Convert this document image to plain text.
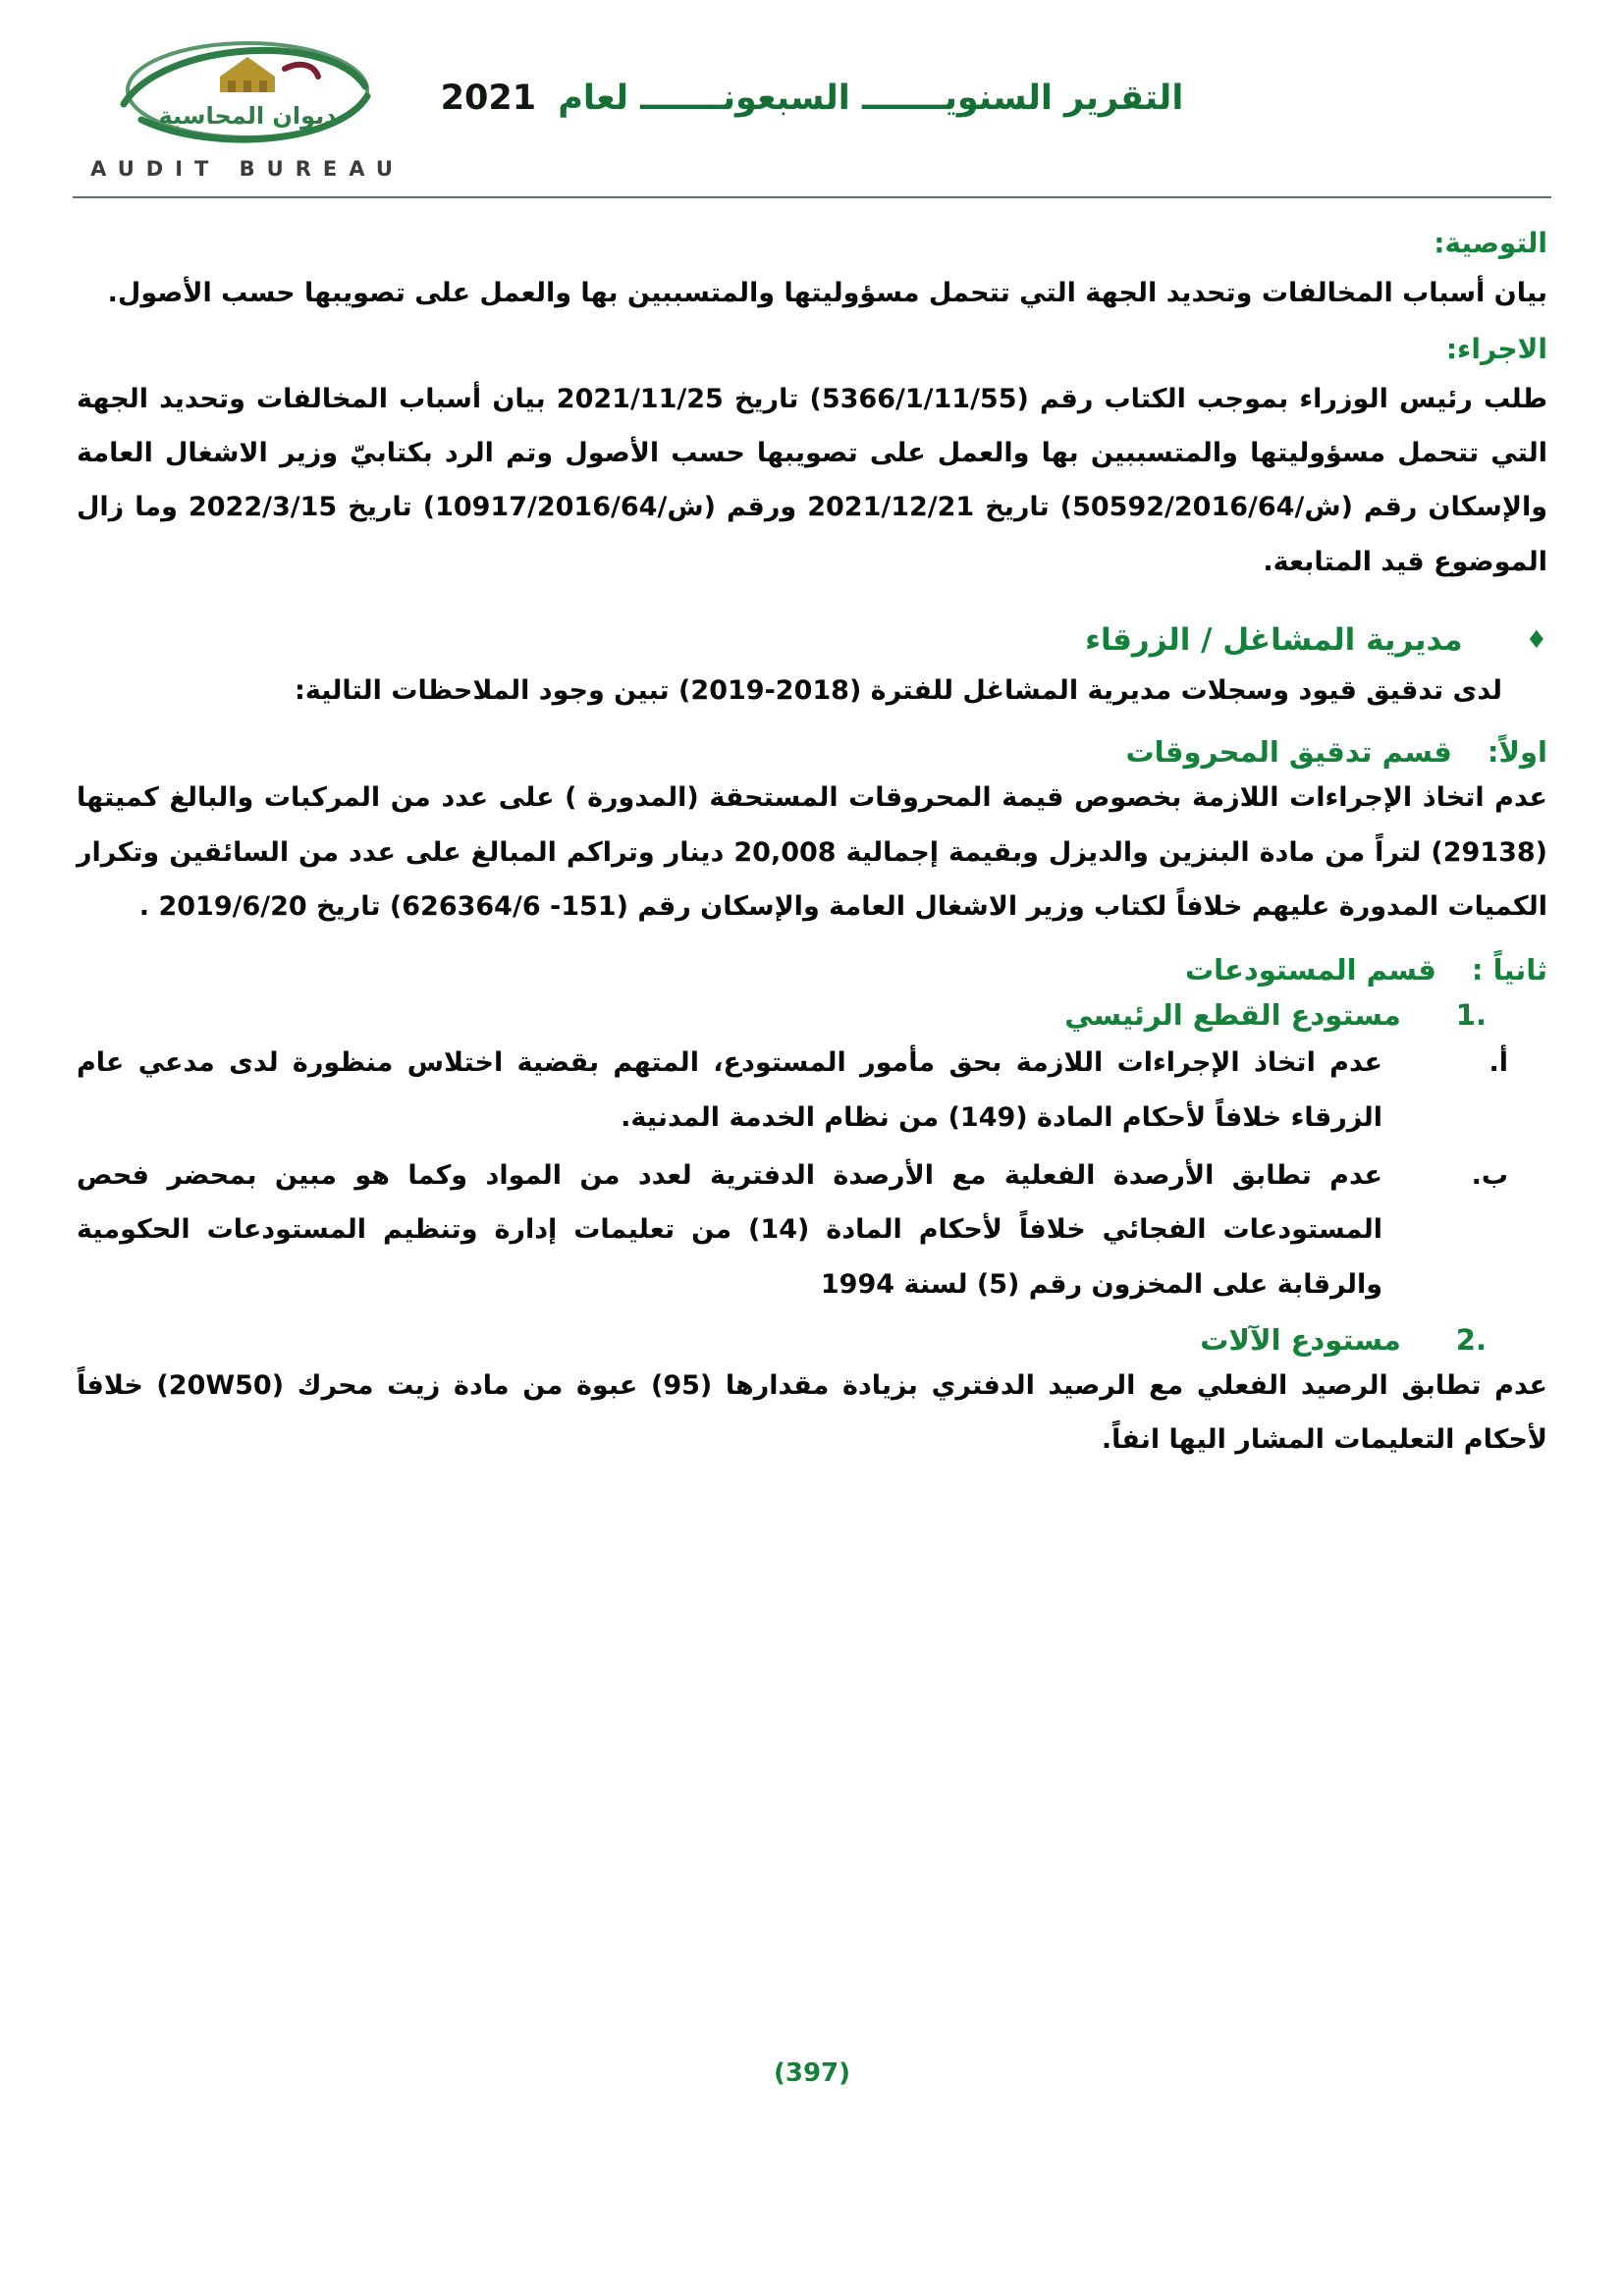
ديوان المحاسبة
AUDIT BUREAU
التقرير السنويـــــــ السبعونـــــــ لعام 2021
التوصية:

بيان أسباب المخالفات وتحديد الجهة التي تتحمل مسؤوليتها والمتسببين بها والعمل على تصويبها حسب الأصول.

الاجراء:

طلب رئيس الوزراء بموجب الكتاب رقم (5366/1/11/55) تاريخ 2021/11/25 بيان أسباب المخالفات وتحديد الجهة التي تتحمل مسؤوليتها والمتسببين بها والعمل على تصويبها حسب الأصول وتم الرد بكتابيّ وزير الاشغال العامة والإسكان رقم (ش/50592/2016/64) تاريخ 2021/12/21 ورقم (ش/10917/2016/64) تاريخ 2022/3/15 وما زال الموضوع قيد المتابعة.

♦
مديرية المشاغل / الزرقاء

لدى تدقيق قيود وسجلات مديرية المشاغل للفترة (2018-2019) تبين وجود الملاحظات التالية:

اولاً:
قسم تدقيق المحروقات

عدم اتخاذ الإجراءات اللازمة بخصوص قيمة المحروقات المستحقة (المدورة ) على عدد من المركبات والبالغ كميتها (29138) لتراً من مادة البنزين والديزل وبقيمة إجمالية 20,008 دينار وتراكم المبالغ على عدد من السائقين وتكرار الكميات المدورة عليهم خلافاً لكتاب وزير الاشغال العامة والإسكان رقم (151- 626364/6) تاريخ 2019/6/20 .

ثانياً :
قسم المستودعات
1.
مستودع القطع الرئيسي
أ.

عدم اتخاذ الإجراءات اللازمة بحق مأمور المستودع، المتهم بقضية اختلاس منظورة لدى مدعي عام الزرقاء خلافاً لأحكام المادة (149) من نظام الخدمة المدنية.

ب.

عدم تطابق الأرصدة الفعلية مع الأرصدة الدفترية لعدد من المواد وكما هو مبين بمحضر فحص المستودعات الفجائي خلافاً لأحكام المادة (14) من تعليمات إدارة وتنظيم المستودعات الحكومية والرقابة على المخزون رقم (5) لسنة 1994

2.
مستودع الآلات

عدم تطابق الرصيد الفعلي مع الرصيد الدفتري بزيادة مقدارها (95) عبوة من مادة زيت محرك (20W50) خلافاً لأحكام التعليمات المشار اليها انفاً.

(397)
